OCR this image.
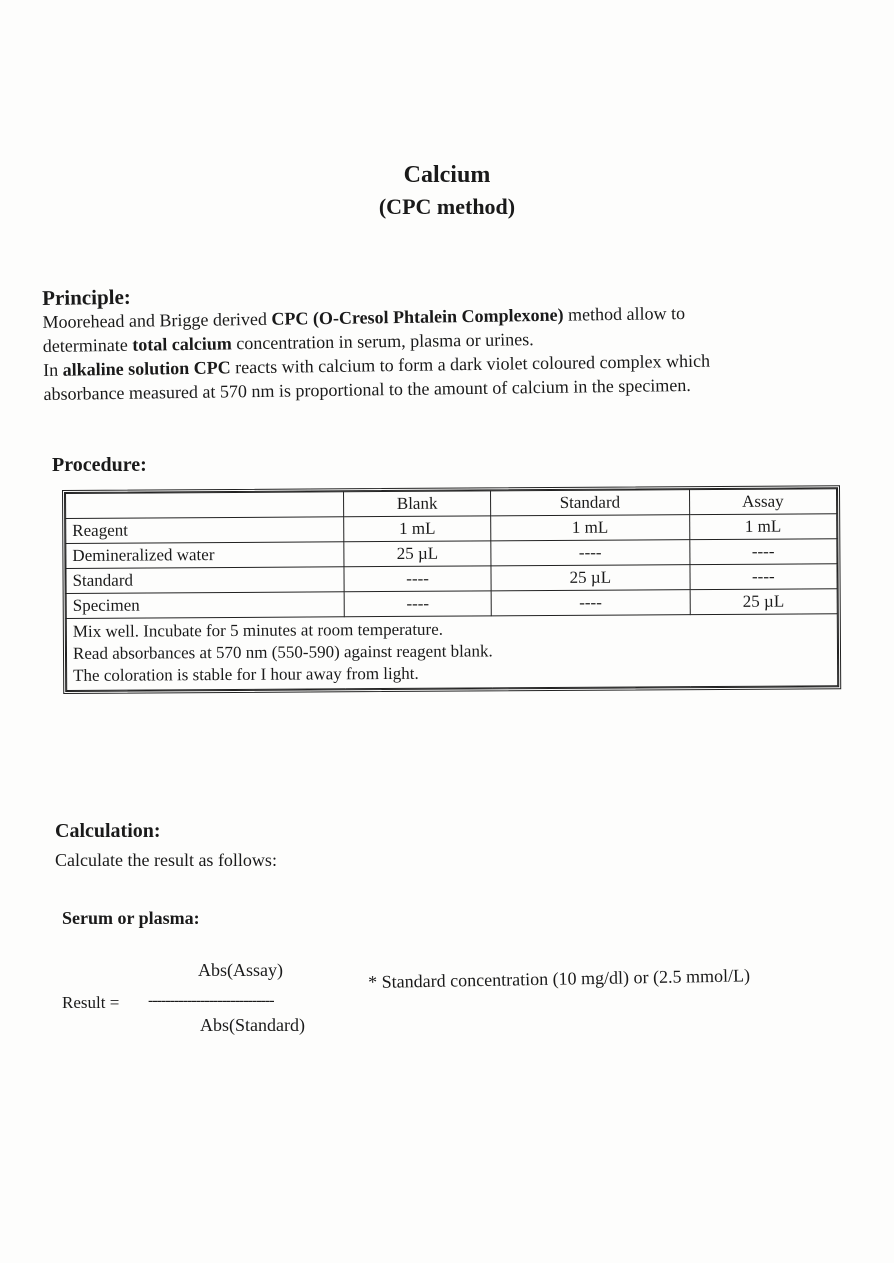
Calcium
(CPC method)
Principle:
Moorehead and Brigge derived CPC (O-Cresol Phtalein Complexone) method allow to
determinate total calcium concentration in serum, plasma or urines.
In alkaline solution CPC reacts with calcium to form a dark violet coloured complex which
absorbance measured at 570 nm is proportional to the amount of calcium in the specimen.
Procedure:
	Blank	Standard	Assay
Reagent	1 mL	1 mL	1 mL
Demineralized water	25 µL	----	----
Standard	----	25 µL	----
Specimen	----	----	25 µL

Mix well. Incubate for 5 minutes at room temperature.
Read absorbances at 570 nm (550-590) against reagent blank.
The coloration is stable for I hour away from light.			
Calculation:
Calculate the result as follows:
Serum or plasma:
Abs(Assay)
Result = -----------------------------
* Standard concentration (10 mg/dl) or (2.5 mmol/L)
Abs(Standard)
